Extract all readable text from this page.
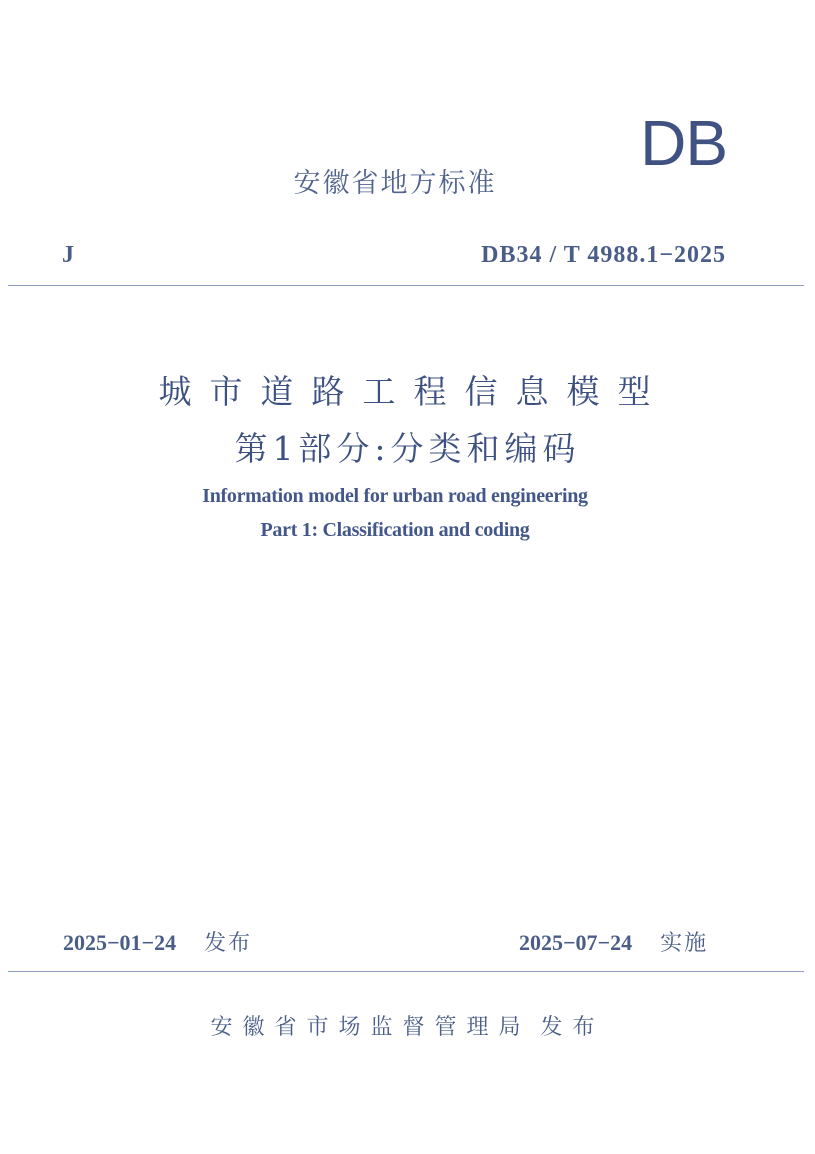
DB
安徽省地方标准
J	DB34 / T 4988.1−2025
城市道路工程信息模型
第1部分:分类和编码
Information model for urban road engineering
Part 1: Classification and coding
2025−01−24 发布	2025−07−24 实施
安徽省市场监督管理局 发布
